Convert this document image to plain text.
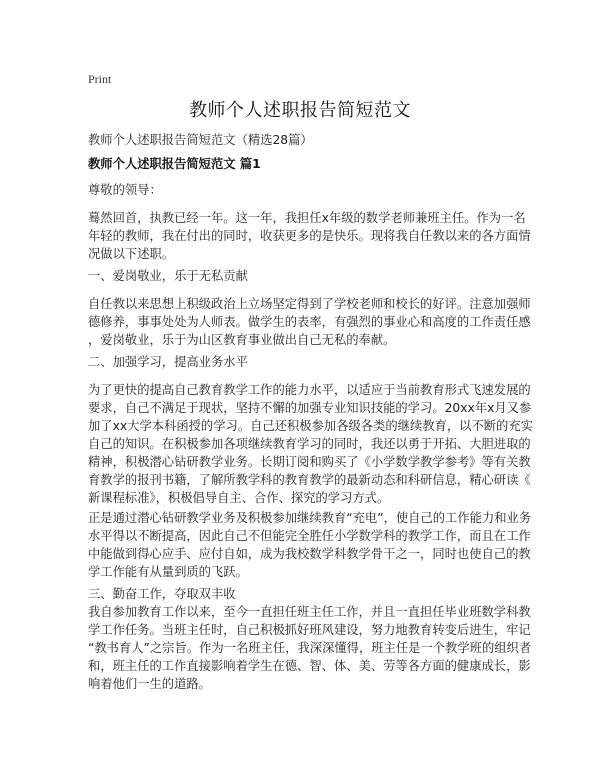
Print
教师个人述职报告简短范文
教师个人述职报告简短范文（精选28篇）
教师个人述职报告简短范文 篇1
尊敬的领导：
蓦然回首，执教已经一年。这一年，我担任x年级的数学老师兼班主任。作为一名
年轻的教师，我在付出的同时，收获更多的是快乐。现将我自任教以来的各方面情
况做以下述职。
一、爱岗敬业，乐于无私贡献
自任教以来思想上积级政治上立场坚定得到了学校老师和校长的好评。注意加强师
德修养，事事处处为人师表。做学生的表率，有强烈的事业心和高度的工作责任感
，爱岗敬业，乐于为山区教育事业做出自己无私的奉献。
二、加强学习，提高业务水平
为了更快的提高自己教育教学工作的能力水平，以适应于当前教育形式飞速发展的
要求，自己不满足于现状，坚持不懈的加强专业知识技能的学习。20xx年x月又参
加了xx大学本科函授的学习。自己还积极参加各级各类的继续教育，以不断的充实
自己的知识。在积极参加各项继续教育学习的同时，我还以勇于开拓、大胆进取的
精神，积极潜心钻研教学业务。长期订阅和购买了《小学数学教学参考》等有关教
育教学的报刊书籍，了解所教学科的教育教学的最新动态和科研信息，精心研读《
新课程标准》，积极倡导自主、合作、探究的学习方式。
正是通过潜心钻研教学业务及积极参加继续教育“充电”，使自己的工作能力和业务
水平得以不断提高，因此自己不但能完全胜任小学数学科的教学工作，而且在工作
中能做到得心应手、应付自如，成为我校数学科教学骨干之一，同时也使自己的教
学工作能有从量到质的飞跃。
三、勤奋工作，夺取双丰收
我自参加教育工作以来，至今一直担任班主任工作，并且一直担任毕业班数学科教
学工作任务。当班主任时，自己积极抓好班风建设，努力地教育转变后进生，牢记
“教书育人”之宗旨。作为一名班主任，我深深懂得，班主任是一个教学班的组织者
和，班主任的工作直接影响着学生在德、智、体、美、劳等各方面的健康成长，影
响着他们一生的道路。
